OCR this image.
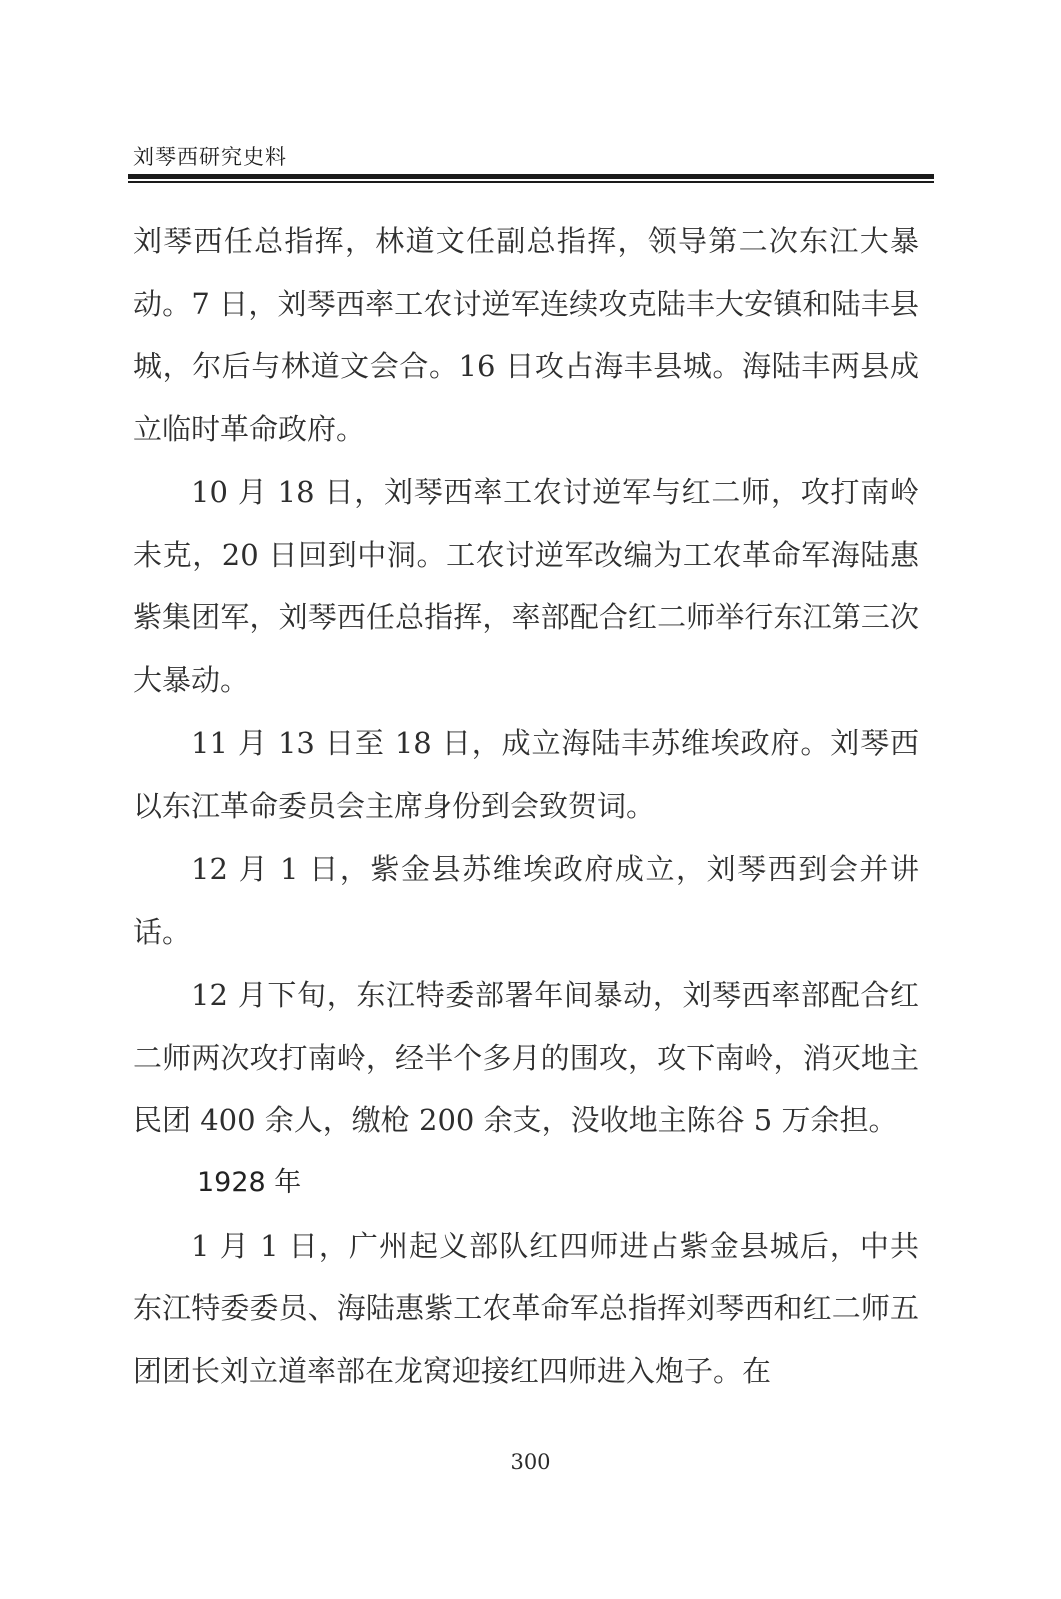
刘琴西研究史料

刘琴西任总指挥，林道文任副总指挥，领导第二次东江大暴动。7 日，刘琴西率工农讨逆军连续攻克陆丰大安镇和陆丰县城，尔后与林道文会合。16 日攻占海丰县城。海陆丰两县成立临时革命政府。

10 月 18 日，刘琴西率工农讨逆军与红二师，攻打南岭未克，20 日回到中洞。工农讨逆军改编为工农革命军海陆惠紫集团军，刘琴西任总指挥，率部配合红二师举行东江第三次大暴动。

11 月 13 日至 18 日，成立海陆丰苏维埃政府。刘琴西以东江革命委员会主席身份到会致贺词。

12 月 1 日，紫金县苏维埃政府成立，刘琴西到会并讲话。

12 月下旬，东江特委部署年间暴动，刘琴西率部配合红二师两次攻打南岭，经半个多月的围攻，攻下南岭，消灭地主民团 400 余人，缴枪 200 余支，没收地主陈谷 5 万余担。

1928 年

1 月 1 日，广州起义部队红四师进占紫金县城后，中共东江特委委员、海陆惠紫工农革命军总指挥刘琴西和红二师五团团长刘立道率部在龙窝迎接红四师进入炮子。在

300
